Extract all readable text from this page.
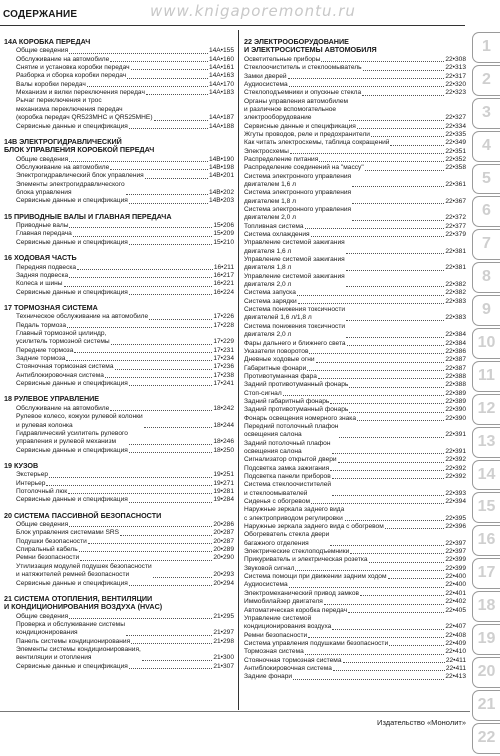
СОДЕРЖАНИЕ	www.knigaporemontu.ru
14A КОРОБКА ПЕРЕДАЧ
Общие сведения	14A•155
Обслуживание на автомобиле	14A•160
Снятие и установка коробки передач	14A•161
Разборка и сборка коробки передач	14A•163
Валы коробки передач	14A•170
Механизм и вилки переключения передач	14A•183
Рычаг переключения и трос
механизма переключения передач
(коробка передач QR523MHC и QR525MHE)	14A•187
Сервисные данные и спецификация	14A•188
14B ЭЛЕКТРОГИДРАВЛИЧЕСКИЙ
БЛОК УПРАВЛЕНИЯ КОРОБКОЙ ПЕРЕДАЧ
Общие сведения	14B•190
Обслуживание на автомобиле	14B•198
Электрогидравлический блок управления	14B•201
Элементы электрогидравлического
блока управления	14B•202
Сервисные данные и спецификация	14B•203
15 ПРИВОДНЫЕ ВАЛЫ И ГЛАВНАЯ ПЕРЕДАЧА
Приводные валы	15•206
Главная передача	15•209
Сервисные данные и спецификация	15•210
16 ХОДОВАЯ ЧАСТЬ
Передняя подвеска	16•211
Задняя подвеска	16•217
Колеса и шины	16•221
Сервисные данные и спецификация	16•224
17 ТОРМОЗНАЯ СИСТЕМА
Техническое обслуживание на автомобиле	17•226
Педаль тормоза	17•228
Главный тормозной цилиндр,
усилитель тормозной системы	17•229
Передние тормоза	17•231
Задние тормоза	17•234
Стояночная тормозная система	17•236
Антиблокировочная система	17•238
Сервисные данные и спецификация	17•241
18 РУЛЕВОЕ УПРАВЛЕНИЕ
Обслуживание на автомобиле	18•242
Рулевое колесо, кожухи рулевой колонки
и рулевая колонка	18•244
Гидравлический усилитель рулевого
управления и рулевой механизм	18•246
Сервисные данные и спецификация	18•250
19 КУЗОВ
Экстерьер	19•251
Интерьер	19•271
Потолочный люк	19•281
Сервисные данные и спецификация	19•284
20 СИСТЕМА ПАССИВНОЙ БЕЗОПАСНОСТИ
Общие сведения	20•286
Блок управления системами SRS	20•287
Подушки безопасности	20•287
Спиральный кабель	20•289
Ремни безопасности	20•290
Утилизация модулей подушек безопасности
и натяжителей ремней безопасности	20•293
Сервисные данные и спецификация	20•294
21 СИСТЕМА ОТОПЛЕНИЯ, ВЕНТИЛЯЦИИ
И КОНДИЦИОНИРОВАНИЯ ВОЗДУХА (HVAC)
Общие сведения	21•295
Проверка и обслуживание системы
кондиционирования	21•297
Панель системы кондиционирования	21•298
Элементы системы кондиционирования,
вентиляции и отопления	21•300
Сервисные данные и спецификация	21•307
22 ЭЛЕКТРООБОРУДОВАНИЕ
И ЭЛЕКТРОСИСТЕМЫ АВТОМОБИЛЯ
Осветительные приборы	22•308
Стеклоочиститель и стеклоомыватель	22•313
Замки дверей	22•317
Аудиосистема	22•320
Стеклоподъемники и опускные стекла	22•323
Органы управления автомобилем
и различное вспомогательное
электрооборудование	22•327
Сервисные данные и спецификация	22•334
Жгуты проводов, реле и предохранители	22•335
Как читать электросхемы, таблица сокращений	22•349
Электросхемы	22•351
Распределение питания	22•352
Распределение соединений на "массу"	22•358
Система электронного управления
двигателем 1,6 л	22•361
Система электронного управления
двигателем 1,8 л	22•367
Система электронного управления
двигателем 2,0 л	22•372
Топливная система	22•377
Система охлаждения	22•379
Управление системой зажигания
двигателя 1,6 л	22•381
Управление системой зажигания
двигателя 1,8 л	22•381
Управление системой зажигания
двигателя 2,0 л	22•382
Система запуска	22•382
Система зарядки	22•383
Система понижения токсичности
двигателей 1,6 л/1,8 л	22•383
Система понижения токсичности
двигателя 2,0 л	22•384
Фары дальнего и ближнего света	22•384
Указатели поворотов	22•386
Дневные ходовые огни	22•387
Габаритные фонари	22•387
Противотуманная фара	22•388
Задний противотуманный фонарь	22•388
Стоп-сигнал	22•389
Задний габаритный фонарь	22•389
Задний противотуманный фонарь	22•390
Фонарь освещения номерного знака	22•390
Передний потолочный плафон
освещения салона	22•391
Задний потолочный плафон
освещения салона	22•391
Сигнализатор открытой двери	22•392
Подсветка замка зажигания	22•392
Подсветка панели приборов	22•392
Система стеклоочистителей
и стеклоомывателей	22•393
Сиденья с обогревом	22•394
Наружные зеркала заднего вида
с электроприводом регулировки	22•395
Наружные зеркала заднего вида с обогревом	22•396
Обогреватель стекла двери
багажного отделения	22•397
Электрические стеклоподъемники	22•397
Прикуриватель и электрическая розетка	22•399
Звуковой сигнал	22•399
Система помощи при движении задним ходом	22•400
Аудиосистема	22•400
Электромеханический привод замков	22•401
Иммобилайзер двигателя	22•402
Автоматическая коробка передач	22•405
Управление системой
кондиционирования воздуха	22•407
Ремни безопасности	22•408
Система управления подушками безопасности	22•409
Тормозная система	22•410
Стояночная тормозная система	22•411
Антиблокировочная система	22•411
Задние фонари	22•413
1
2
3
4
5
6
7
8
9
10
11
12
13
14
15
16
17
18
19
20
21
22
Издательство «Монолит»
